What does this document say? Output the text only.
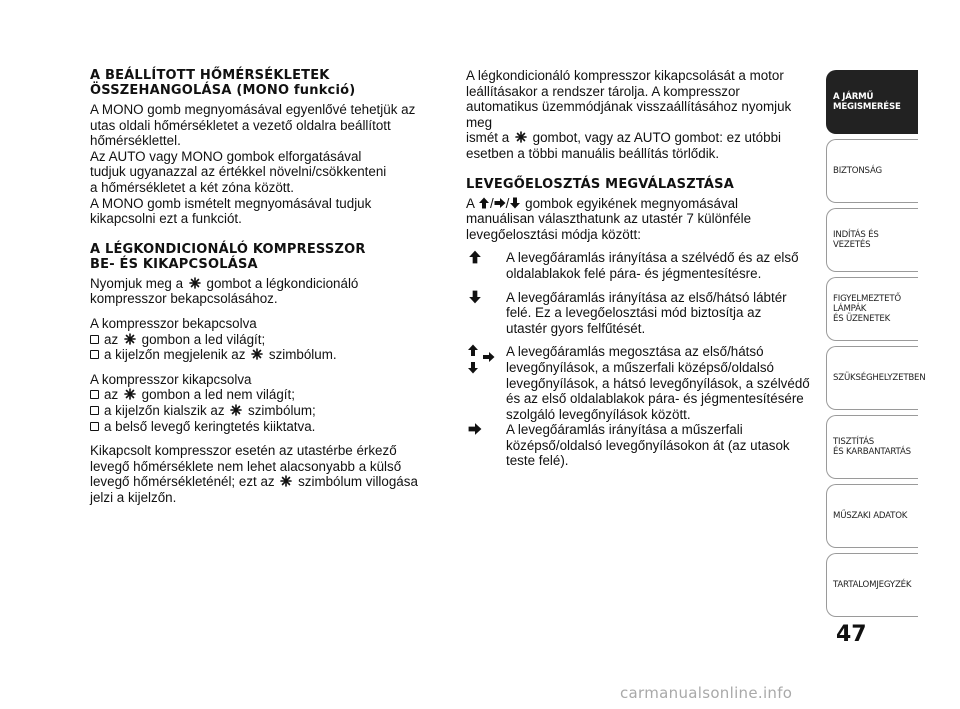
A BEÁLLÍTOTT HŐMÉRSÉKLETEK
ÖSSZEHANGOLÁSA (MONO funkció)

A MONO gomb megnyomásával egyenlővé tehetjük az
utas oldali hőmérsékletet a vezető oldalra beállított
hőmérséklettel.
Az AUTO vagy MONO gombok elforgatásával
tudjuk ugyanazzal az értékkel növelni/csökkenteni
a hőmérsékletet a két zóna között.
A MONO gomb ismételt megnyomásával tudjuk
kikapcsolni ezt a funkciót.

A LÉGKONDICIONÁLÓ KOMPRESSZOR
BE- ÉS KIKAPCSOLÁSA

Nyomjuk meg a gombot a légkondicionáló
kompresszor bekapcsolásához.

A kompresszor bekapcsolva

az gombon a led világít;

a kijelzőn megjelenik az szimbólum.

A kompresszor kikapcsolva

az gombon a led nem világít;

a kijelzőn kialszik az szimbólum;

a belső levegő keringtetés kiiktatva.

Kikapcsolt kompresszor esetén az utastérbe érkező
levegő hőmérséklete nem lehet alacsonyabb a külső
levegő hőmérsékleténél; ezt az szimbólum villogása
jelzi a kijelzőn.

A légkondicionáló kompresszor kikapcsolását a motor
leállításakor a rendszer tárolja. A kompresszor
automatikus üzemmódjának visszaállításához nyomjuk meg
ismét a gombot, vagy az AUTO gombot: ez utóbbi
esetben a többi manuális beállítás törlődik.

LEVEGŐELOSZTÁS MEGVÁLASZTÁSA

A / / gombok egyikének megnyomásával
manuálisan választhatunk az utastér 7 különféle
levegőelosztási módja között:

A levegőáramlás irányítása a szélvédő és az első
oldalablakok felé pára- és jégmentesítésre.
A levegőáramlás irányítása az első/hátsó lábtér
felé. Ez a levegőelosztási mód biztosítja az
utastér gyors felfűtését.
A levegőáramlás megosztása az első/hátsó
levegőnyílások, a műszerfali középső/oldalsó
levegőnyílások, a hátsó levegőnyílások, a szélvédő
és az első oldalablakok pára- és jégmentesítésére
szolgáló levegőnyílások között.
A levegőáramlás irányítása a műszerfali
középső/oldalsó levegőnyílásokon át (az utasok
teste felé).
A JÁRMŰ
MEGISMERÉSE
BIZTONSÁG
INDÍTÁS ÉS VEZETÉS
FIGYELMEZTETŐ
LÁMPÁK
ÉS ÜZENETEK
SZÜKSÉGHELYZETBEN
TISZTÍTÁS
ÉS KARBANTARTÁS
MŰSZAKI ADATOK
TARTALOMJEGYZÉK
47
carmanualsonline.info
